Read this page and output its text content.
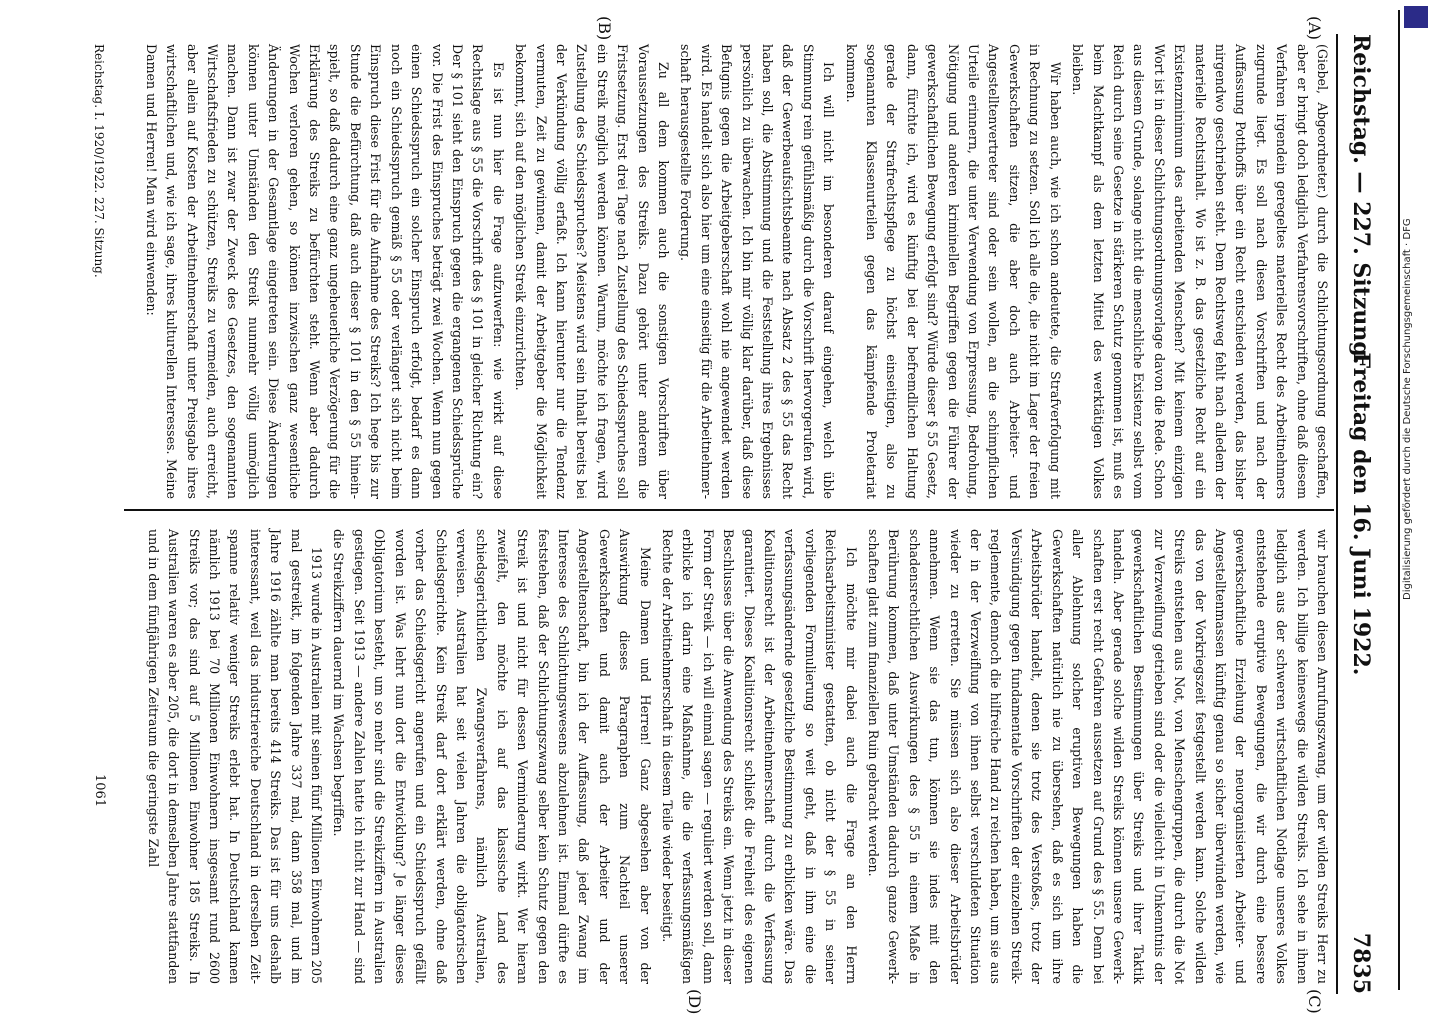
Reichstag. — 227. Sitzung.
Freitag den 16. Juni 1922.
7835
(A)
(B)
(C)
(D)

(Giebel, Abgeordneter.) durch die Schlichtungsordnung geschaffen, aber er bringt doch lediglich Verfahrensvorschriften, ohne daß diesem Verfahren irgendein geregeltes materielles Recht des Arbeitnehmers zugrunde liegt. Es soll nach diesen Vorschriften und nach der Auffassung Potthoffs über ein Recht entschieden werden, das bisher nirgendwo geschrieben steht. Dem Rechtsweg fehlt nach alledem der materielle Rechtsinhalt. Wo ist z. B. das gesetzliche Recht auf ein Existenzminimum des arbeitenden Menschen? Mit keinem einzigen Wort ist in dieser Schlichtungsordnungsvorlage davon die Rede. Schon aus diesem Grunde, solange nicht die menschliche Existenz selbst vom Reich durch seine Gesetze in stärkeren Schutz genommen ist, muß es beim Machtkampf als dem letzten Mittel des werktätigen Volkes bleiben.

Wir haben auch, wie ich schon andeutete, die Strafverfolgung mit in Rechnung zu setzen. Soll ich alle die, die nicht im Lager der freien Gewerkschaften sitzen, die aber doch auch Arbeiter- und Angestelltenvertreter sind oder sein wollen, an die schimpflichen Urteile erinnern, die unter Verwendung von Erpressung, Bedrohung, Nötigung und anderen kriminellen Begriffen gegen die Führer der gewerkschaftlichen Bewegung erfolgt sind? Würde dieser § 55 Gesetz, dann, fürchte ich, wird es künftig bei der befremdlichen Haltung gerade der Strafrechtspflege zu höchst einseitigen, also zu sogenannten Klassenurteilen gegen das kämpfende Proletariat kommen.

Ich will nicht im besonderen darauf eingehen, welch üble Stimmung rein gefühlsmäßig durch die Vorschrift hervorgerufen wird, daß der Gewerbeaufsichtsbeamte nach Absatz 2 des § 55 das Recht haben soll, die Abstimmung und die Feststellung ihres Ergebnisses persönlich zu überwachen. Ich bin mir völlig klar darüber, daß diese Befugnis gegen die Arbeitgeberschaft wohl nie angewendet werden wird. Es handelt sich also hier um eine einseitig für die Arbeitnehmerschaft herausgestellte Forderung.

Zu all dem kommen auch die sonstigen Vorschriften über Voraussetzungen des Streiks. Dazu gehört unter anderem die Fristsetzung. Erst drei Tage nach Zustellung des Schiedsspruches soll ein Streik möglich werden können. Warum, möchte ich fragen, wird Zustellung des Schiedsspruches? Meistens wird sein Inhalt bereits bei der Verkündung völlig erfaßt. Ich kann hierunter nur die Tendenz vermuten, Zeit zu gewinnen, damit der Arbeitgeber die Möglichkeit bekommt, sich auf den möglichen Streik einzurichten.

Es ist nun hier die Frage aufzuwerfen: wie wirkt auf diese Rechtslage aus § 55 die Vorschrift des § 101 in gleicher Richtung ein? Der § 101 sieht den Einspruch gegen die ergangenen Schiedssprüche vor. Die Frist des Einspruches beträgt zwei Wochen. Wenn nun gegen einen Schiedsspruch ein solcher Einspruch erfolgt, bedarf es dann noch ein Schiedsspruch gemäß § 55 oder verlängert sich nicht beim Einspruch diese Frist für die Aufnahme des Streiks? Ich hege bis zur Stunde die Befürchtung, daß auch dieser § 101 in den § 55 hineinspielt, so daß dadurch eine ganz ungeheuerliche Verzögerung für die Erklärung des Streiks zu befürchten steht. Wenn aber dadurch Wochen verloren gehen, so können inzwischen ganz wesentliche Änderungen in der Gesamtlage eingetreten sein. Diese Änderungen können unter Umständen den Streik nunmehr völlig unmöglich machen. Dann ist zwar der Zweck des Gesetzes, den sogenannten Wirtschaftsfrieden zu schützen, Streiks zu vermeiden, auch erreicht, aber allein auf Kosten der Arbeitnehmerschaft unter Preisgabe ihres wirtschaftlichen und, wie ich sage, ihres kulturellen Interesses. Meine Damen und Herren! Man wird einwenden:

wir brauchen diesen Anrufungszwang, um der wilden Streiks Herr zu werden. Ich billige keineswegs die wilden Streiks. Ich sehe in ihnen lediglich aus der schweren wirtschaftlichen Notlage unseres Volkes entstehende eruptive Bewegungen, die wir durch eine bessere gewerkschaftliche Erziehung der neuorganisierten Arbeiter- und Angestelltenmassen künftig genau so sicher überwinden werden, wie das von der Vorkriegszeit festgestellt werden kann. Solche wilden Streiks entstehen aus Not, von Menschengruppen, die durch die Not zur Verzweiflung getrieben sind oder die vielleicht in Unkenntnis der gewerkschaftlichen Bestimmungen über Streiks und ihrer Taktik handeln. Aber gerade solche wilden Streiks können unsere Gewerkschaften erst recht Gefahren aussetzen auf Grund des § 55. Denn bei aller Ablehnung solcher eruptiven Bewegungen haben die Gewerkschaften natürlich nie zu übersehen, daß es sich um ihre Arbeitsbrüder handelt, denen sie trotz des Verstoßes, trotz der Versündigung gegen fundamentale Vorschriften der einzelnen Streikreglemente, dennoch die hilfreiche Hand zu reichen haben, um sie aus der in der Verzweiflung von ihnen selbst verschuldeten Situation wieder zu erretten. Sie müssen sich also dieser Arbeitsbrüder annehmen. Wenn sie das tun, können sie indes mit den schadensrechtlichen Auswirkungen des § 55 in einem Maße in Berührung kommen, daß unter Umständen dadurch ganze Gewerkschaften glatt zum finanziellen Ruin gebracht werden.

Ich möchte mir dabei auch die Frage an den Herrn Reichsarbeitsminister gestatten, ob nicht der § 55 in seiner vorliegenden Formulierung so weit geht, daß in ihm eine die verfassungsändernde gesetzliche Bestimmung zu erblicken wäre. Das Koalitionsrecht ist der Arbeitnehmerschaft durch die Verfassung garantiert. Dieses Koalitionsrecht schließt die Freiheit des eigenen Beschlusses über die Anwendung des Streiks ein. Wenn jetzt in dieser Form der Streik — ich will einmal sagen — reguliert werden soll, dann erblicke ich darin eine Maßnahme, die die verfassungsmäßigen Rechte der Arbeitnehmerschaft in diesem Teile wieder beseitigt.

Meine Damen und Herren! Ganz abgesehen aber von der Auswirkung dieses Paragraphen zum Nachteil unserer Gewerkschaften und damit auch der Arbeiter und der Angestelltenschaft, bin ich der Auffassung, daß jeder Zwang im Interesse des Schlichtungswesens abzulehnen ist. Einmal dürfte es feststehen, daß der Schlichtungszwang selber kein Schutz gegen den Streik ist und nicht für dessen Verminderung wirkt. Wer hieran zweifelt, den möchte ich auf das klassische Land des schiedsgerichtlichen Zwangsverfahrens, nämlich Australien, verweisen. Australien hat seit vielen Jahren die obligatorischen Schiedsgerichte. Kein Streik darf dort erklärt werden, ohne daß vorher das Schiedsgericht angerufen und ein Schiedsspruch gefällt worden ist. Was lehrt nun dort die Entwicklung? Je länger dieses Obligatorium besteht, um so mehr sind die Streikziffern in Australien gestiegen. Seit 1913 — andere Zahlen hatte ich nicht zur Hand — sind die Streikziffern dauernd im Wachsen begriffen.

1913 wurde in Australien mit seinen fünf Millionen Einwohnern 205 mal gestreikt, im folgenden Jahre 337 mal, dann 358 mal, und im Jahre 1916 zählte man bereits 414 Streiks. Das ist für uns deshalb interessant, weil das industriereiche Deutschland in derselben Zeitspanne relativ weniger Streiks erlebt hat. In Deutschland kamen nämlich 1913 bei 70 Millionen Einwohnern insgesamt rund 2600 Streiks vor; das sind auf 5 Millionen Einwohner 185 Streiks. In Australien waren es aber 205, die dort in demselben Jahre stattfanden und in dem fünfjährigen Zeitraum die geringste Zahl

Reichstag. I. 1920/1922. 227. Sitzung.
1061
Digitalisierung gefördert durch die Deutsche Forschungsgemeinschaft · DFG
